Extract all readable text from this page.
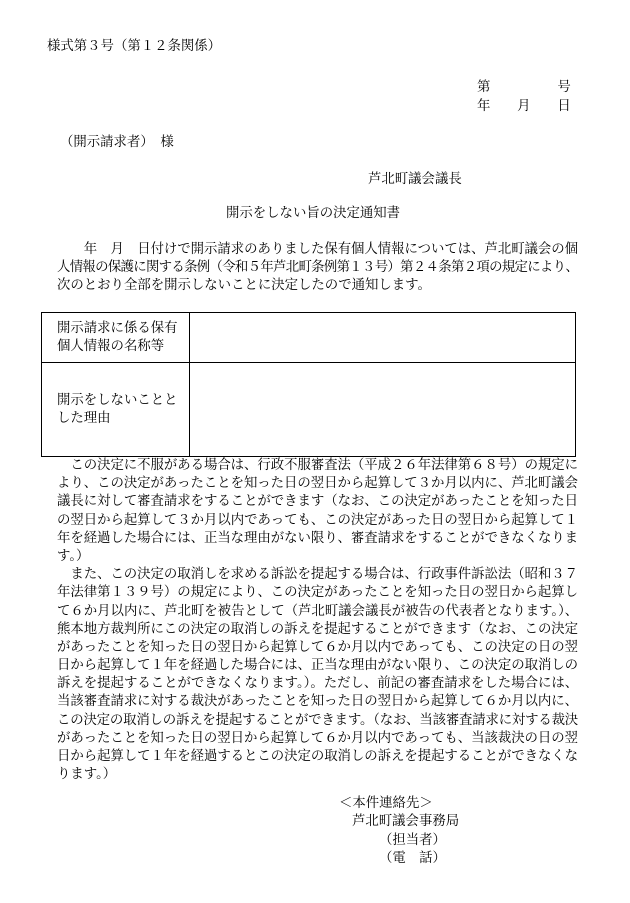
様式第３号（第１２条関係）
第　　　　　号
年　　月　　日
（開示請求者）　様
芦北町議会議長
開示をしない旨の決定通知書
　　年　月　日付けで開示請求のありました保有個人情報については、芦北町議会の個
人情報の保護に関する条例（令和５年芦北町条例第１３号）第２４条第２項の規定により、
次のとおり全部を開示しないことに決定したので通知します。
開示請求に係る保有個人情報の名称等
開示をしないこととした理由
　この決定に不服がある場合は、行政不服審査法（平成２６年法律第６８号）の規定に
より、この決定があったことを知った日の翌日から起算して３か月以内に、芦北町議会
議長に対して審査請求をすることができます（なお、この決定があったことを知った日
の翌日から起算して３か月以内であっても、この決定があった日の翌日から起算して１
年を経過した場合には、正当な理由がない限り、審査請求をすることができなくなりま
す。）
　また、この決定の取消しを求める訴訟を提起する場合は、行政事件訴訟法（昭和３７
年法律第１３９号）の規定により、この決定があったことを知った日の翌日から起算し
て６か月以内に、芦北町を被告として（芦北町議会議長が被告の代表者となります。）、
熊本地方裁判所にこの決定の取消しの訴えを提起することができます（なお、この決定
があったことを知った日の翌日から起算して６か月以内であっても、この決定の日の翌
日から起算して１年を経過した場合には、正当な理由がない限り、この決定の取消しの
訴えを提起することができなくなります。）。ただし、前記の審査請求をした場合には、
当該審査請求に対する裁決があったことを知った日の翌日から起算して６か月以内に、
この決定の取消しの訴えを提起することができます。（なお、当該審査請求に対する裁決
があったことを知った日の翌日から起算して６か月以内であっても、当該裁決の日の翌
日から起算して１年を経過するとこの決定の取消しの訴えを提起することができなくな
ります。）
＜本件連絡先＞
芦北町議会事務局
（担当者）
（電　話）
